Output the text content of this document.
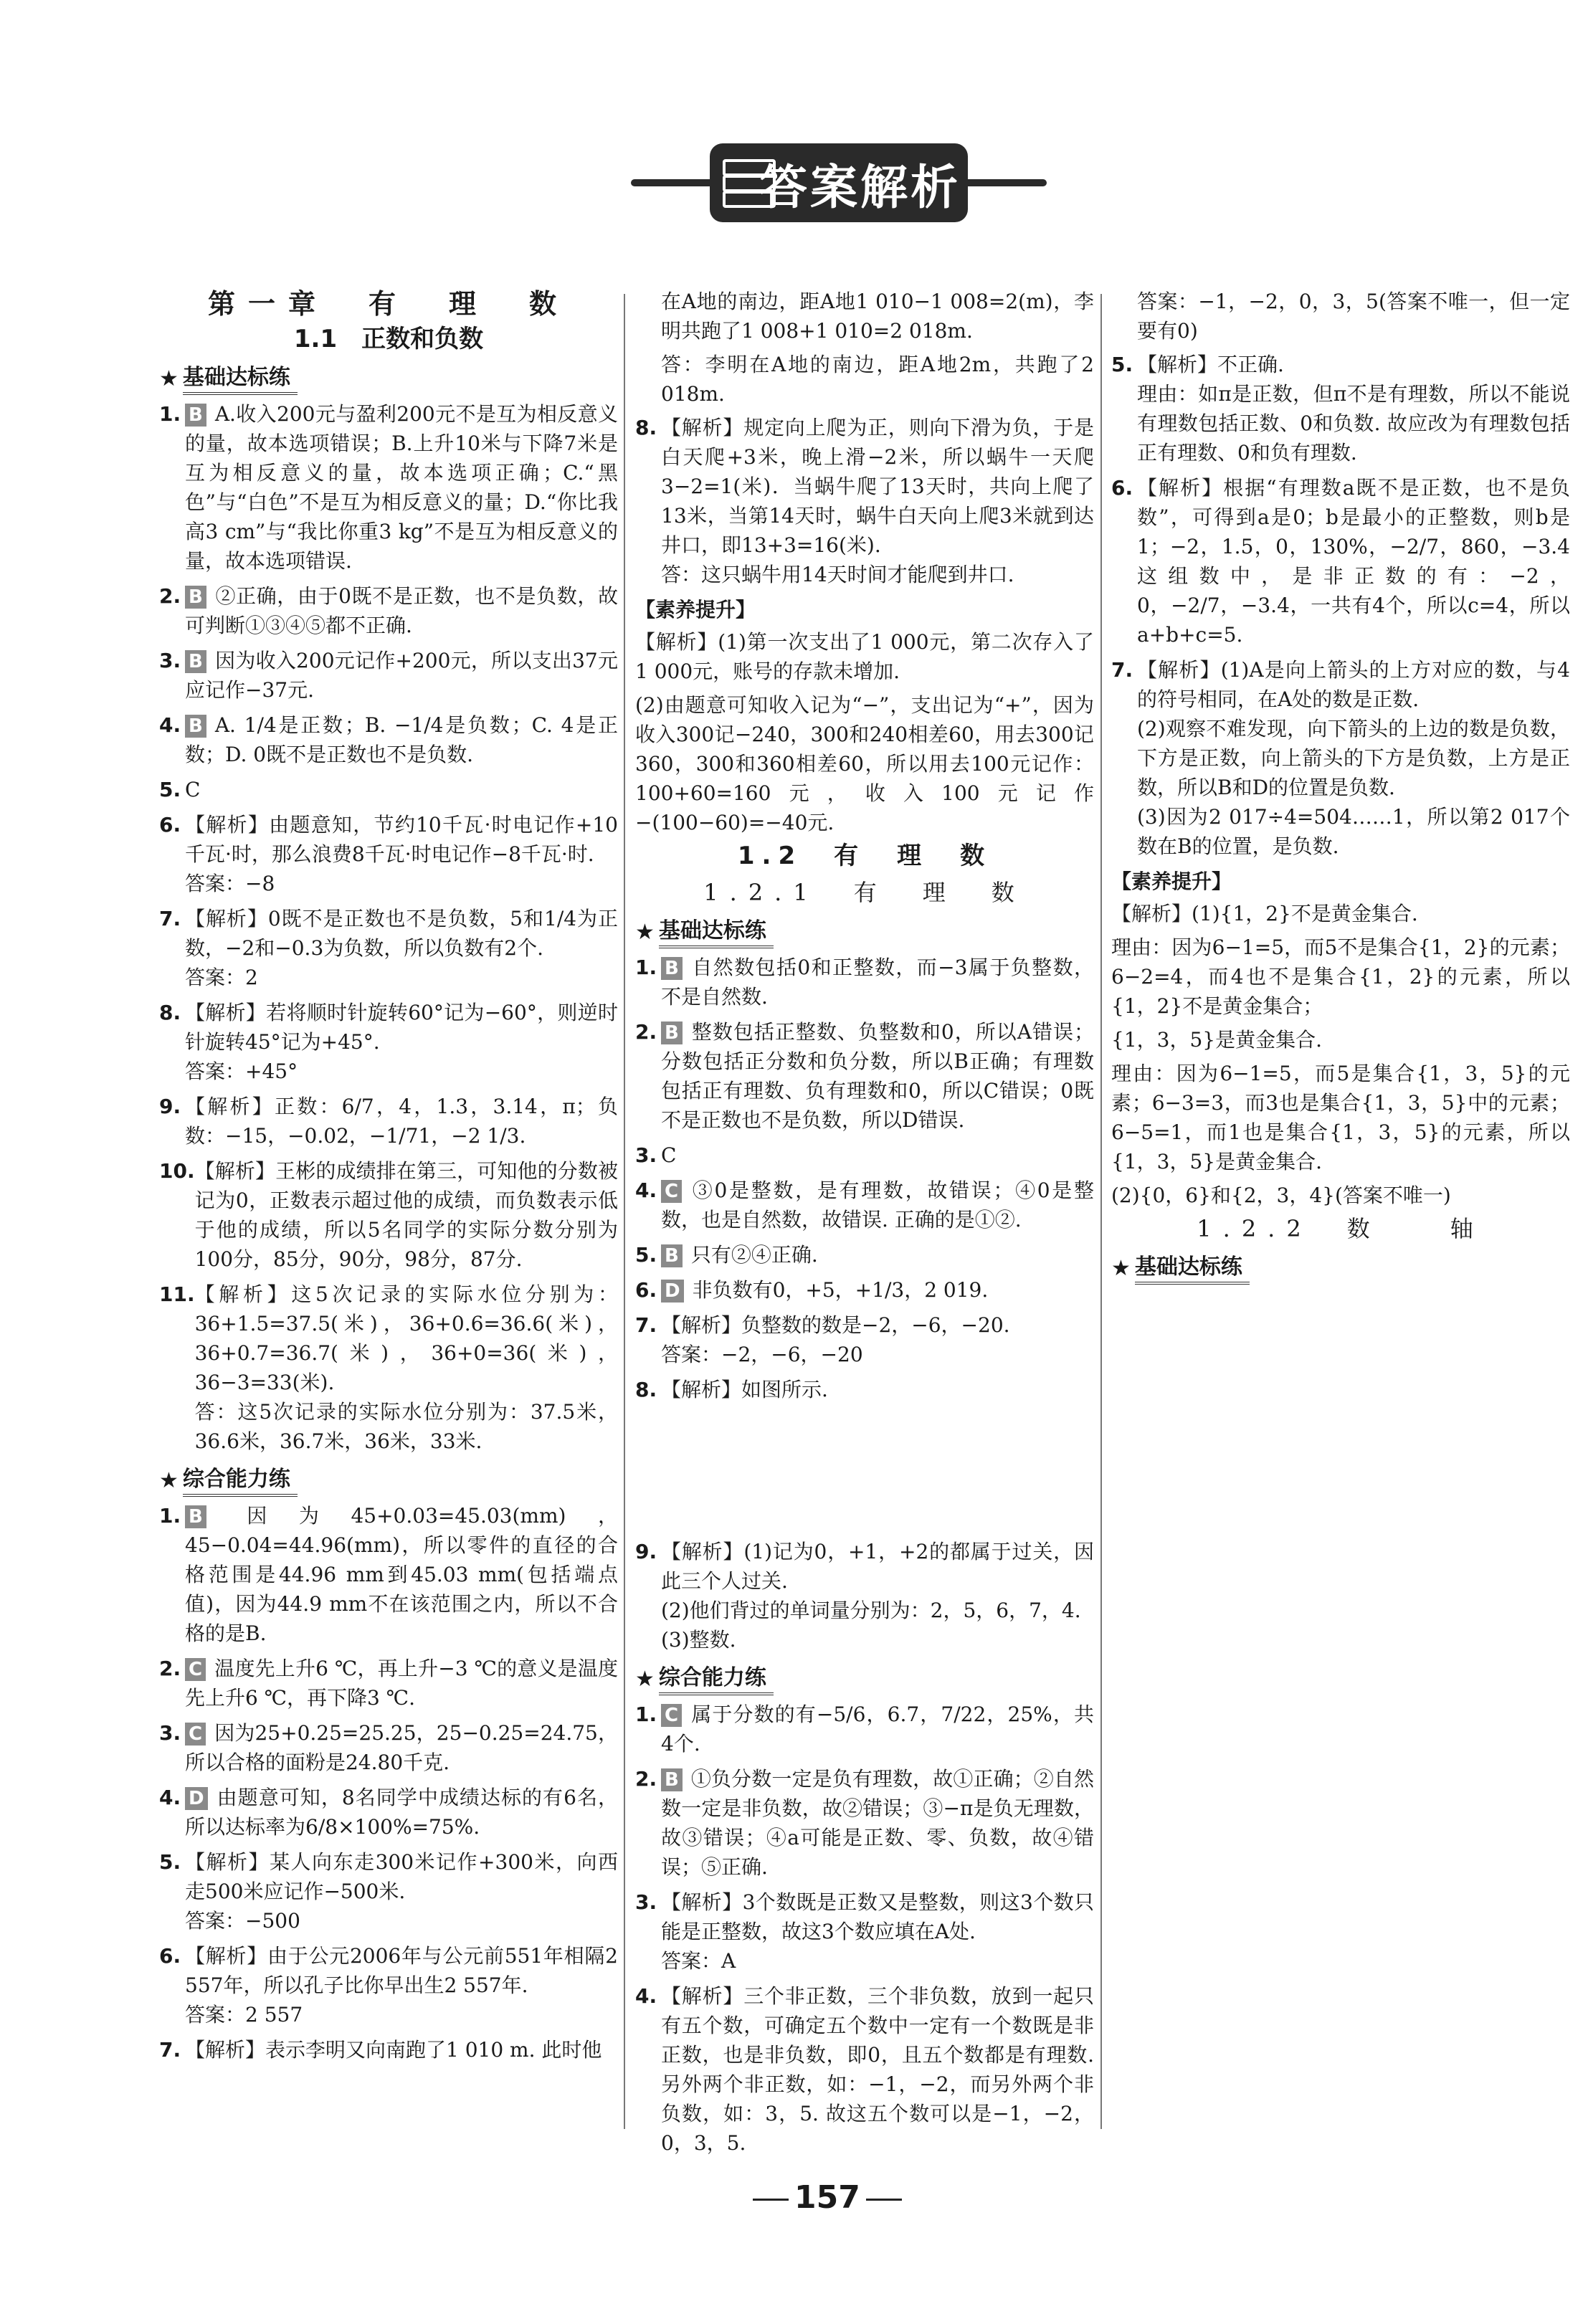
答案解析
第一章　有　理　数
1.1　正数和负数
★ 基础达标练
1. B A.收入200元与盈利200元不是互为相反意义的量，故本选项错误；B.上升10米与下降7米是互为相反意义的量，故本选项正确；C.“黑色”与“白色”不是互为相反意义的量；D.“你比我高3 cm”与“我比你重3 kg”不是互为相反意义的量，故本选项错误.
2. B ②正确，由于0既不是正数，也不是负数，故可判断①③④⑤都不正确.
3. B 因为收入200元记作+200元，所以支出37元应记作−37元.
4. B A. 1/4是正数；B. −1/4是负数；C. 4是正数；D. 0既不是正数也不是负数.
5. C
6. 【解析】由题意知，节约10千瓦·时电记作+10千瓦·时，那么浪费8千瓦·时电记作−8千瓦·时.
答案：−8
7. 【解析】0既不是正数也不是负数，5和1/4为正数，−2和−0.3为负数，所以负数有2个.
答案：2
8. 【解析】若将顺时针旋转60°记为−60°，则逆时针旋转45°记为+45°.
答案：+45°
9. 【解析】正数：6/7，4，1.3，3.14，π；负数：−15，−0.02，−1/71，−2 1/3.
10. 【解析】王彬的成绩排在第三，可知他的分数被记为0，正数表示超过他的成绩，而负数表示低于他的成绩，所以5名同学的实际分数分别为100分，85分，90分，98分，87分.
11. 【解析】这5次记录的实际水位分别为：36+1.5=37.5(米)，36+0.6=36.6(米)，36+0.7=36.7(米)，36+0=36(米)，36−3=33(米).
答：这5次记录的实际水位分别为：37.5米，36.6米，36.7米，36米，33米.
★ 综合能力练
1. B 因为45+0.03=45.03(mm)，45−0.04=44.96(mm)，所以零件的直径的合格范围是44.96 mm到45.03 mm(包括端点值)，因为44.9 mm不在该范围之内，所以不合格的是B.
2. C 温度先上升6 ℃，再上升−3 ℃的意义是温度先上升6 ℃，再下降3 ℃.
3. C 因为25+0.25=25.25，25−0.25=24.75，所以合格的面粉是24.80千克.
4. D 由题意可知，8名同学中成绩达标的有6名，所以达标率为6/8×100%=75%.
5. 【解析】某人向东走300米记作+300米，向西走500米应记作−500米.
答案：−500
6. 【解析】由于公元2006年与公元前551年相隔2 557年，所以孔子比你早出生2 557年.
答案：2 557
7. 【解析】表示李明又向南跑了1 010 m. 此时他
在A地的南边，距A地1 010−1 008=2(m)，李明共跑了1 008+1 010=2 018m.
答：李明在A地的南边，距A地2m，共跑了2 018m.
8. 【解析】规定向上爬为正，则向下滑为负，于是白天爬+3米，晚上滑−2米，所以蜗牛一天爬3−2=1(米)．当蜗牛爬了13天时，共向上爬了13米，当第14天时，蜗牛白天向上爬3米就到达井口，即13+3=16(米).
答：这只蜗牛用14天时间才能爬到井口.
【素养提升】
【解析】(1)第一次支出了1 000元，第二次存入了1 000元，账号的存款未增加.
(2)由题意可知收入记为“−”，支出记为“+”，因为收入300记−240，300和240相差60，用去300记360，300和360相差60，所以用去100元记作：100+60=160元，收入100元记作−(100−60)=−40元.
1.2　有　理　数
1.2.1　有　理　数
★ 基础达标练
1. B 自然数包括0和正整数，而−3属于负整数，不是自然数.
2. B 整数包括正整数、负整数和0，所以A错误；分数包括正分数和负分数，所以B正确；有理数包括正有理数、负有理数和0，所以C错误；0既不是正数也不是负数，所以D错误.
3. C
4. C ③0是整数，是有理数，故错误；④0是整数，也是自然数，故错误. 正确的是①②.
5. B 只有②④正确.
6. D 非负数有0，+5，+1/3，2 019.
7. 【解析】负整数的数是−2，−6，−20.
答案：−2，−6，−20
8. 【解析】如图所示.
9. 【解析】(1)记为0，+1，+2的都属于过关，因此三个人过关.
(2)他们背过的单词量分别为：2，5，6，7，4.
(3)整数.
★ 综合能力练
1. C 属于分数的有−5/6，6.7，7/22，25%，共4个.
2. B ①负分数一定是负有理数，故①正确；②自然数一定是非负数，故②错误；③−π是负无理数，故③错误；④a可能是正数、零、负数，故④错误；⑤正确.
3. 【解析】3个数既是正数又是整数，则这3个数只能是正整数，故这3个数应填在A处.
答案：A
4. 【解析】三个非正数，三个非负数，放到一起只有五个数，可确定五个数中一定有一个数既是非正数，也是非负数，即0，且五个数都是有理数. 另外两个非正数，如：−1，−2，而另外两个非负数，如：3，5. 故这五个数可以是−1，−2，0，3，5.
答案：−1，−2，0，3，5(答案不唯一，但一定要有0)
5. 【解析】不正确.
理由：如π是正数，但π不是有理数，所以不能说有理数包括正数、0和负数. 故应改为有理数包括正有理数、0和负有理数.
6. 【解析】根据“有理数a既不是正数，也不是负数”，可得到a是0；b是最小的正整数，则b是1；−2，1.5，0，130%，−2/7，860，−3.4这组数中，是非正数的有：−2，0，−2/7，−3.4，一共有4个，所以c=4，所以a+b+c=5.
7. 【解析】(1)A是向上箭头的上方对应的数，与4的符号相同，在A处的数是正数.
(2)观察不难发现，向下箭头的上边的数是负数，下方是正数，向上箭头的下方是负数，上方是正数，所以B和D的位置是负数.
(3)因为2 017÷4=504……1，所以第2 017个数在B的位置，是负数.
【素养提升】
【解析】(1){1，2}不是黄金集合.
理由：因为6−1=5，而5不是集合{1，2}的元素；6−2=4，而4也不是集合{1，2}的元素，所以{1，2}不是黄金集合；
{1，3，5}是黄金集合.
理由：因为6−1=5，而5是集合{1，3，5}的元素；6−3=3，而3也是集合{1，3，5}中的元素；6−5=1，而1也是集合{1，3，5}的元素，所以{1，3，5}是黄金集合.
(2){0，6}和{2，3，4}(答案不唯一)
1.2.2　数　　轴
★ 基础达标练
157
